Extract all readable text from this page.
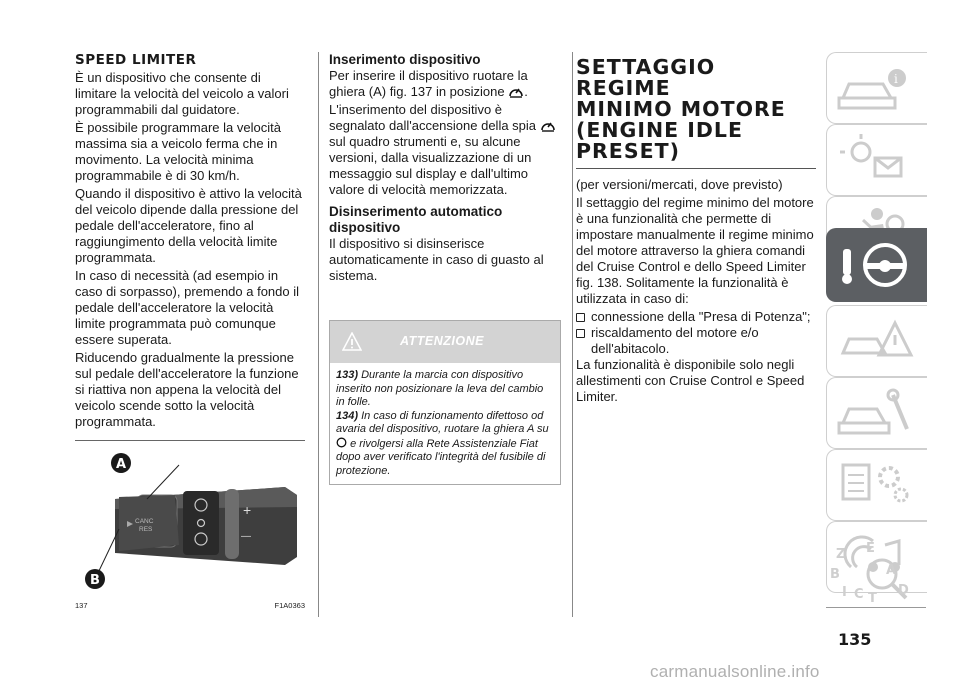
SPEED LIMITER

È un dispositivo che consente di limitare la velocità del veicolo a valori programmabili dal guidatore.

È possibile programmare la velocità massima sia a veicolo ferma che in movimento. La velocità minima programmabile è di 30 km/h.

Quando il dispositivo è attivo la velocità del veicolo dipende dalla pressione del pedale dell'acceleratore, fino al raggiungimento della velocità limite programmata.

In caso di necessità (ad esempio in caso di sorpasso), premendo a fondo il pedale dell'acceleratore la velocità limite programmata può comunque essere superata.

Riducendo gradualmente la pressione sul pedale dell'acceleratore la funzione si riattiva non appena la velocità del veicolo scende sotto la velocità programmata.

CANC
RES
+
—
A
B
137	F1A0363
Inserimento dispositivo

Per inserire il dispositivo ruotare la ghiera (A) fig. 137 in posizione .

L'inserimento del dispositivo è segnalato dall'accensione della spia  sul quadro strumenti e, su alcune versioni, dalla visualizzazione di un messaggio sul display e dall'ultimo valore di velocità memorizzata.

Disinserimento automatico
dispositivo

Il dispositivo si disinserisce automaticamente in caso di guasto al sistema.

ATTENZIONE
133) Durante la marcia con dispositivo inserito non posizionare la leva del cambio in folle.
134) In caso di funzionamento difettoso od avaria del dispositivo, ruotare la ghiera A su  e rivolgersi alla Rete Assistenziale Fiat dopo aver verificato l'integrità del fusibile di protezione.
SETTAGGIO REGIME
MINIMO MOTORE
(ENGINE IDLE
PRESET)

(per versioni/mercati, dove previsto)

Il settaggio del regime minimo del motore è una funzionalità che permette di impostare manualmente il regime minimo del motore attraverso la ghiera comandi del Cruise Control e dello Speed Limiter fig. 138. Solitamente la funzionalità è utilizzata in caso di:

connessione della "Presa di Potenza";

riscaldamento del motore e/o dell'abitacolo.

La funzionalità è disponibile solo negli allestimenti con Cruise Control e Speed Limiter.

i
Z E
B	A
D
I C T
135
carmanualsonline.info
